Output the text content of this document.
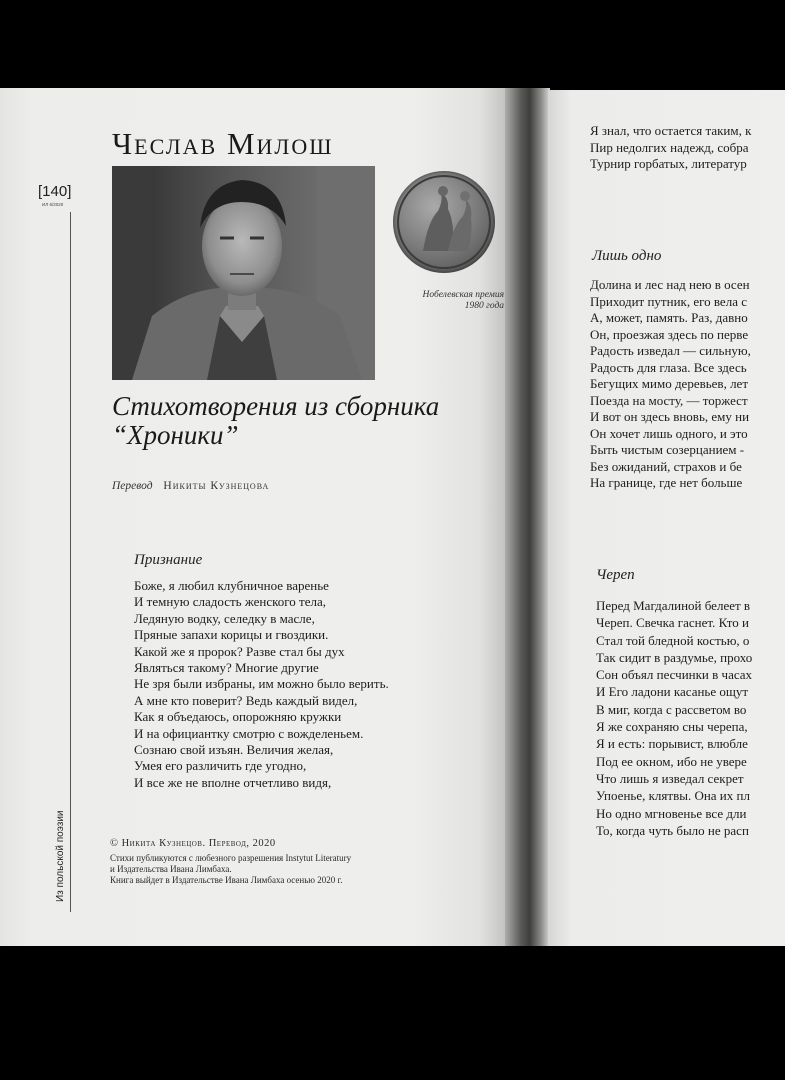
Я знал, что остается таким, к
Пир недолгих надежд, собра
Турнир горбатых, литератур
Лишь одно
Долина и лес над нею в осен
Приходит путник, его вела с
А, может, память. Раз, давно
Он, проезжая здесь по перве
Радость изведал — сильную,
Радость для глаза. Все здесь
Бегущих мимо деревьев, лет
Поезда на мосту, — торжест
И вот он здесь вновь, ему ни
Он хочет лишь одного, и это
Быть чистым созерцанием -
Без ожиданий, страхов и бе
На границе, где нет больше
Череп
Перед Магдалиной белеет в
Череп. Свечка гаснет. Кто и
Стал той бледной костью, о
Так сидит в раздумье, прохо
Сон объял песчинки в часах
И Его ладони касанье ощут
В миг, когда с рассветом во
Я же сохраняю сны черепа,
Я и есть: порывист, влюбле
Под ее окном, ибо не увере
Что лишь я изведал секрет
Упоенье, клятвы. Она их пл
Но одно мгновенье все дли
То, когда чуть было не расп
Чеслав Милош
[140]
ИЛ 6/2020
Из польской поэзии
Нобелевская премия
1980 года
Стихотворения из сборника
“Хроники”
Перевод Никиты Кузнецова
Признание
Боже, я любил клубничное варенье
И темную сладость женского тела,
Ледяную водку, селедку в масле,
Пряные запахи корицы и гвоздики.
Какой же я пророк? Разве стал бы дух
Являться такому? Многие другие
Не зря были избраны, им можно было верить.
А мне кто поверит? Ведь каждый видел,
Как я объедаюсь, опорожняю кружки
И на официантку смотрю с вожделеньем.
Сознаю свой изъян. Величия желая,
Умея его различить где угодно,
И все же не вполне отчетливо видя,
© Никита Кузнецов. Перевод, 2020
Стихи публикуются с любезного разрешения Instytut Literatury
и Издательства Ивана Лимбаха.
Книга выйдет в Издательстве Ивана Лимбаха осенью 2020 г.
